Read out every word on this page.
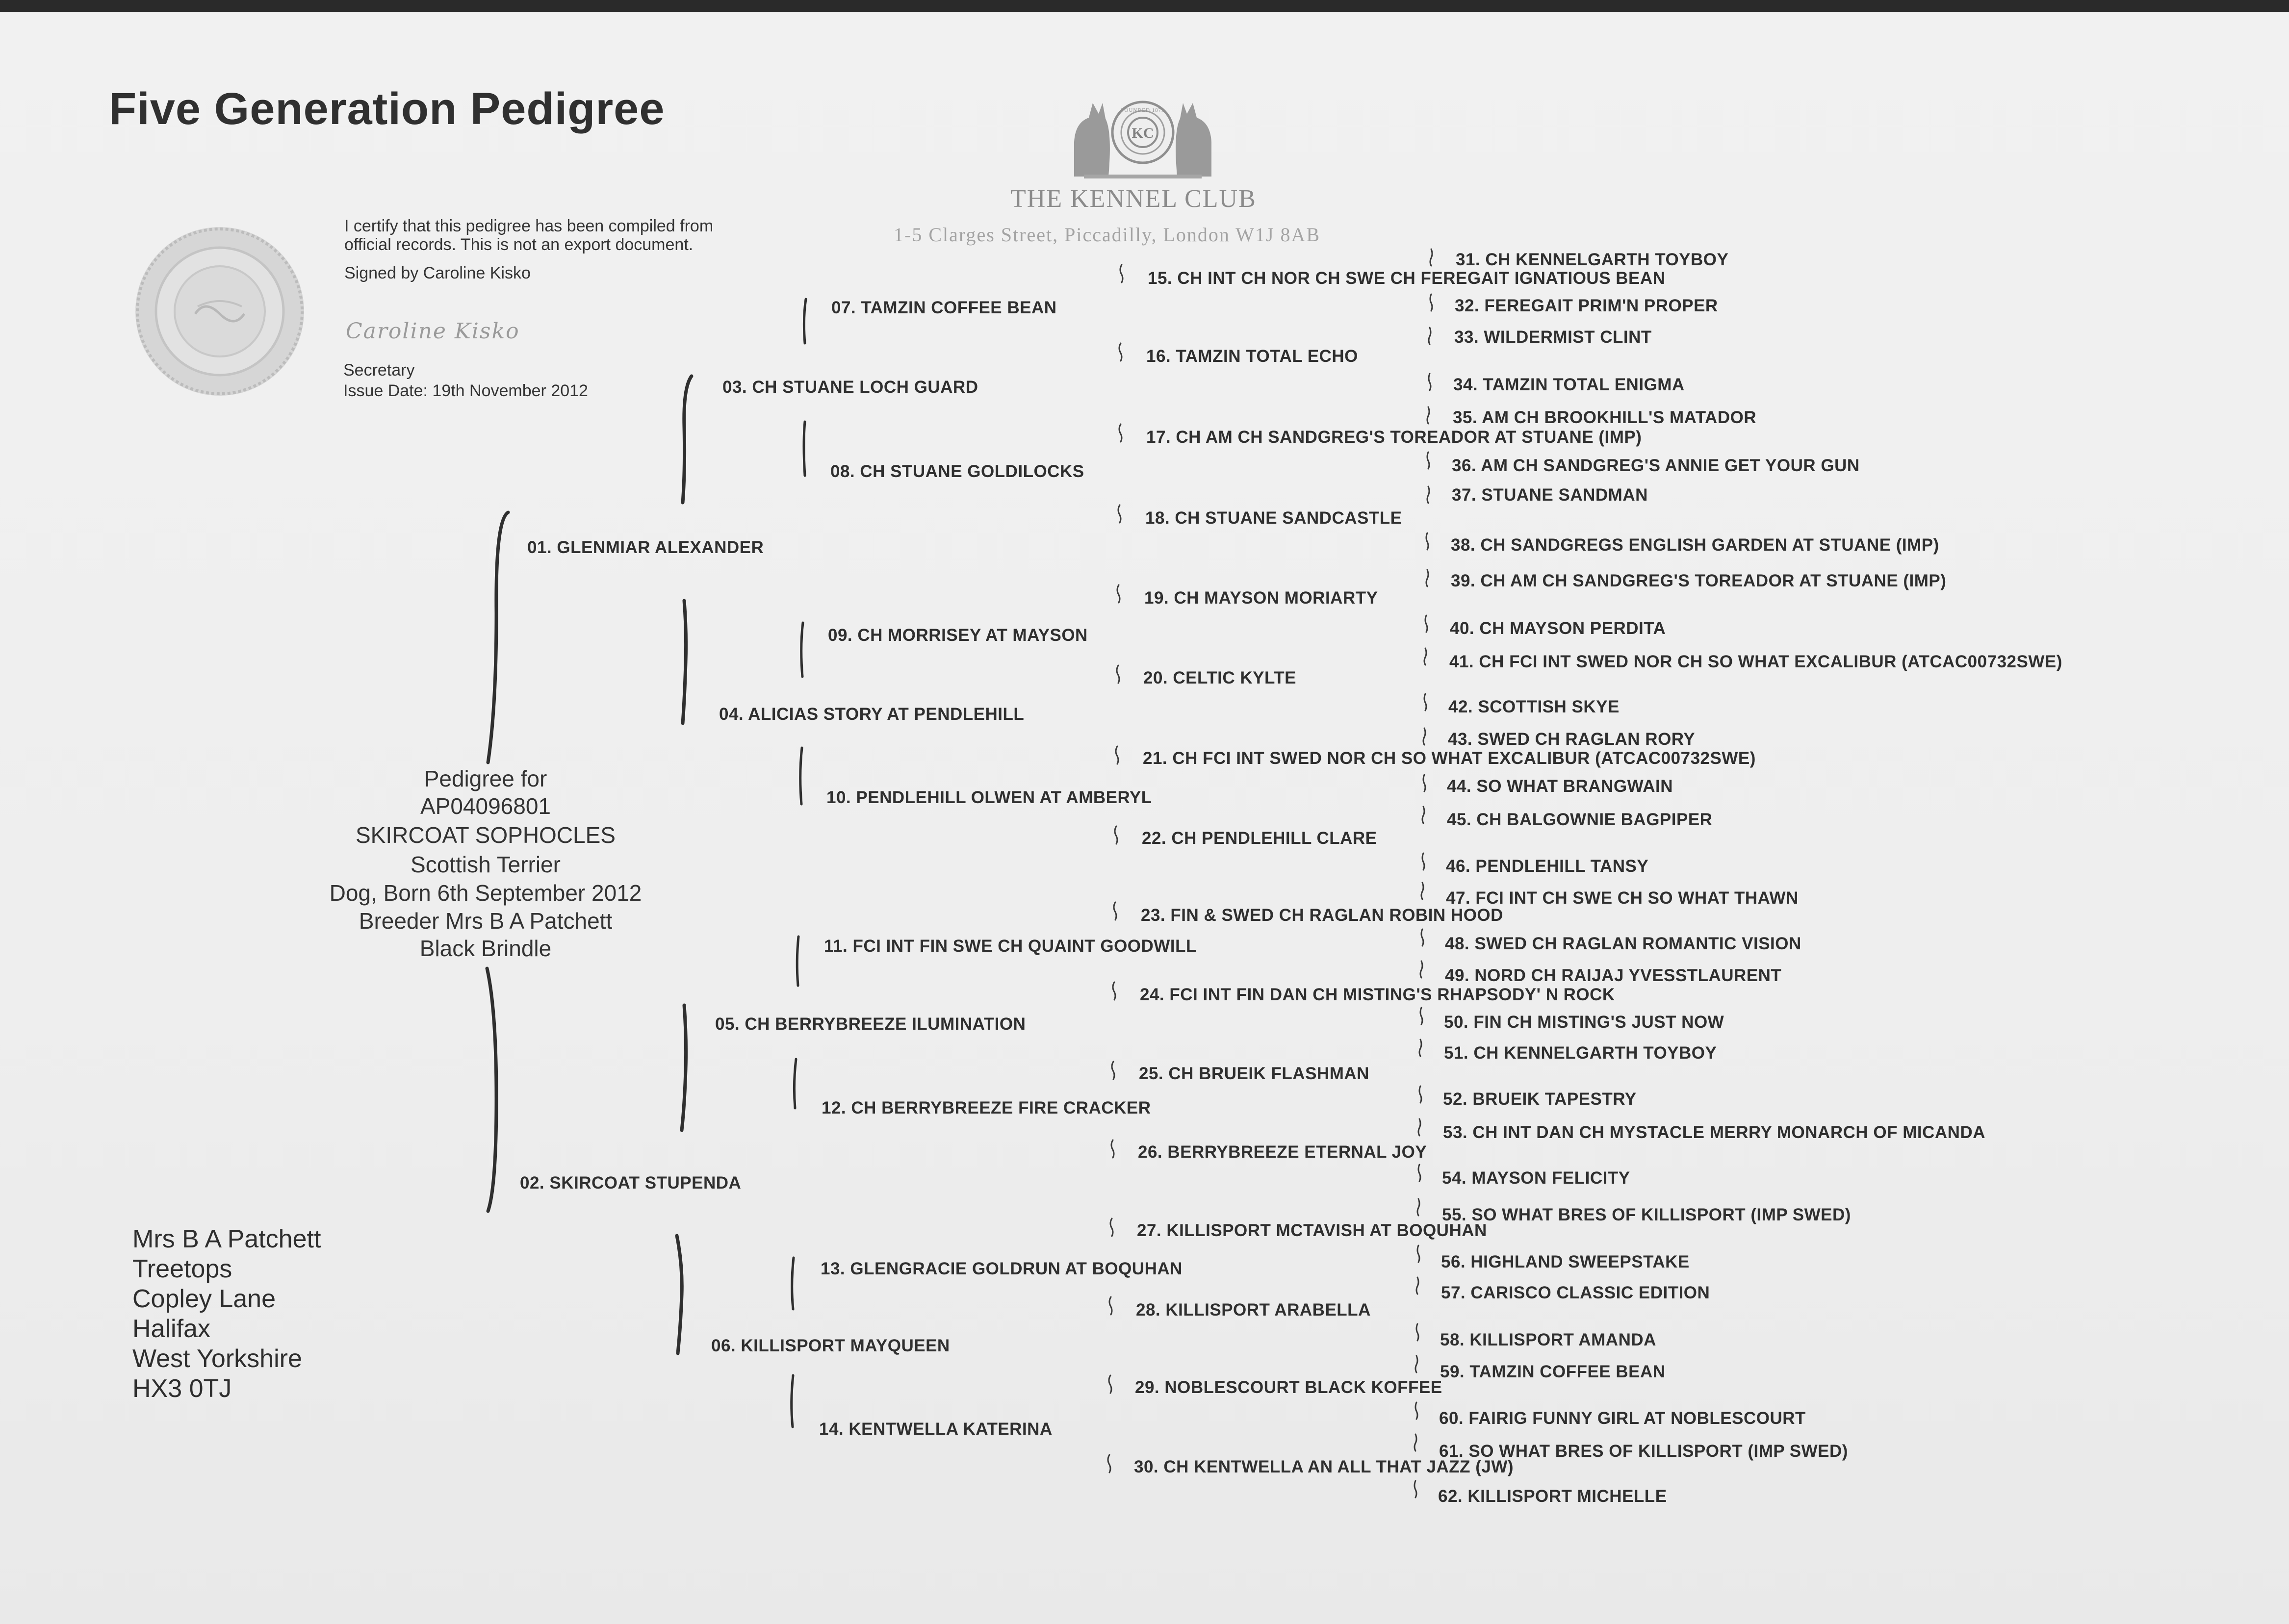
Five Generation Pedigree
I certify that this pedigree has been compiled from
official records. This is not an export document.
Signed by Caroline Kisko
Caroline Kisko
Secretary
Issue Date: 19th November 2012
KC
FOUNDED 1873
THE KENNEL CLUB
1-5 Clarges Street, Piccadilly, London W1J 8AB
Pedigree for
AP04096801
SKIRCOAT SOPHOCLES
Scottish Terrier
Dog, Born 6th September 2012
Breeder Mrs B A Patchett
Black Brindle
Mrs B A Patchett
Treetops
Copley Lane
Halifax
West Yorkshire
HX3 0TJ
01. GLENMIAR ALEXANDER
02. SKIRCOAT STUPENDA
03. CH STUANE LOCH GUARD
04. ALICIAS STORY AT PENDLEHILL
05. CH BERRYBREEZE ILUMINATION
06. KILLISPORT MAYQUEEN
07. TAMZIN COFFEE BEAN
08. CH STUANE GOLDILOCKS
09. CH MORRISEY AT MAYSON
10. PENDLEHILL OLWEN AT AMBERYL
11. FCI INT FIN SWE CH QUAINT GOODWILL
12. CH BERRYBREEZE FIRE CRACKER
13. GLENGRACIE GOLDRUN AT BOQUHAN
14. KENTWELLA KATERINA
15. CH INT CH NOR CH SWE CH FEREGAIT IGNATIOUS BEAN
16. TAMZIN TOTAL ECHO
17. CH AM CH SANDGREG'S TOREADOR AT STUANE (IMP)
18. CH STUANE SANDCASTLE
19. CH MAYSON MORIARTY
20. CELTIC KYLTE
21. CH FCI INT SWED NOR CH SO WHAT EXCALIBUR (ATCAC00732SWE)
22. CH PENDLEHILL CLARE
23. FIN & SWED CH RAGLAN ROBIN HOOD
24. FCI INT FIN DAN CH MISTING'S RHAPSODY' N ROCK
25. CH BRUEIK FLASHMAN
26. BERRYBREEZE ETERNAL JOY
27. KILLISPORT MCTAVISH AT BOQUHAN
28. KILLISPORT ARABELLA
29. NOBLESCOURT BLACK KOFFEE
30. CH KENTWELLA AN ALL THAT JAZZ (JW)
31. CH KENNELGARTH TOYBOY
32. FEREGAIT PRIM'N PROPER
33. WILDERMIST CLINT
34. TAMZIN TOTAL ENIGMA
35. AM CH BROOKHILL'S MATADOR
36. AM CH SANDGREG'S ANNIE GET YOUR GUN
37. STUANE SANDMAN
38. CH SANDGREGS ENGLISH GARDEN AT STUANE (IMP)
39. CH AM CH SANDGREG'S TOREADOR AT STUANE (IMP)
40. CH MAYSON PERDITA
41. CH FCI INT SWED NOR CH SO WHAT EXCALIBUR (ATCAC00732SWE)
42. SCOTTISH SKYE
43. SWED CH RAGLAN RORY
44. SO WHAT BRANGWAIN
45. CH BALGOWNIE BAGPIPER
46. PENDLEHILL TANSY
47. FCI INT CH SWE CH SO WHAT THAWN
48. SWED CH RAGLAN ROMANTIC VISION
49. NORD CH RAIJAJ YVESSTLAURENT
50. FIN CH MISTING'S JUST NOW
51. CH KENNELGARTH TOYBOY
52. BRUEIK TAPESTRY
53. CH INT DAN CH MYSTACLE MERRY MONARCH OF MICANDA
54. MAYSON FELICITY
55. SO WHAT BRES OF KILLISPORT (IMP SWED)
56. HIGHLAND SWEEPSTAKE
57. CARISCO CLASSIC EDITION
58. KILLISPORT AMANDA
59. TAMZIN COFFEE BEAN
60. FAIRIG FUNNY GIRL AT NOBLESCOURT
61. SO WHAT BRES OF KILLISPORT (IMP SWED)
62. KILLISPORT MICHELLE
